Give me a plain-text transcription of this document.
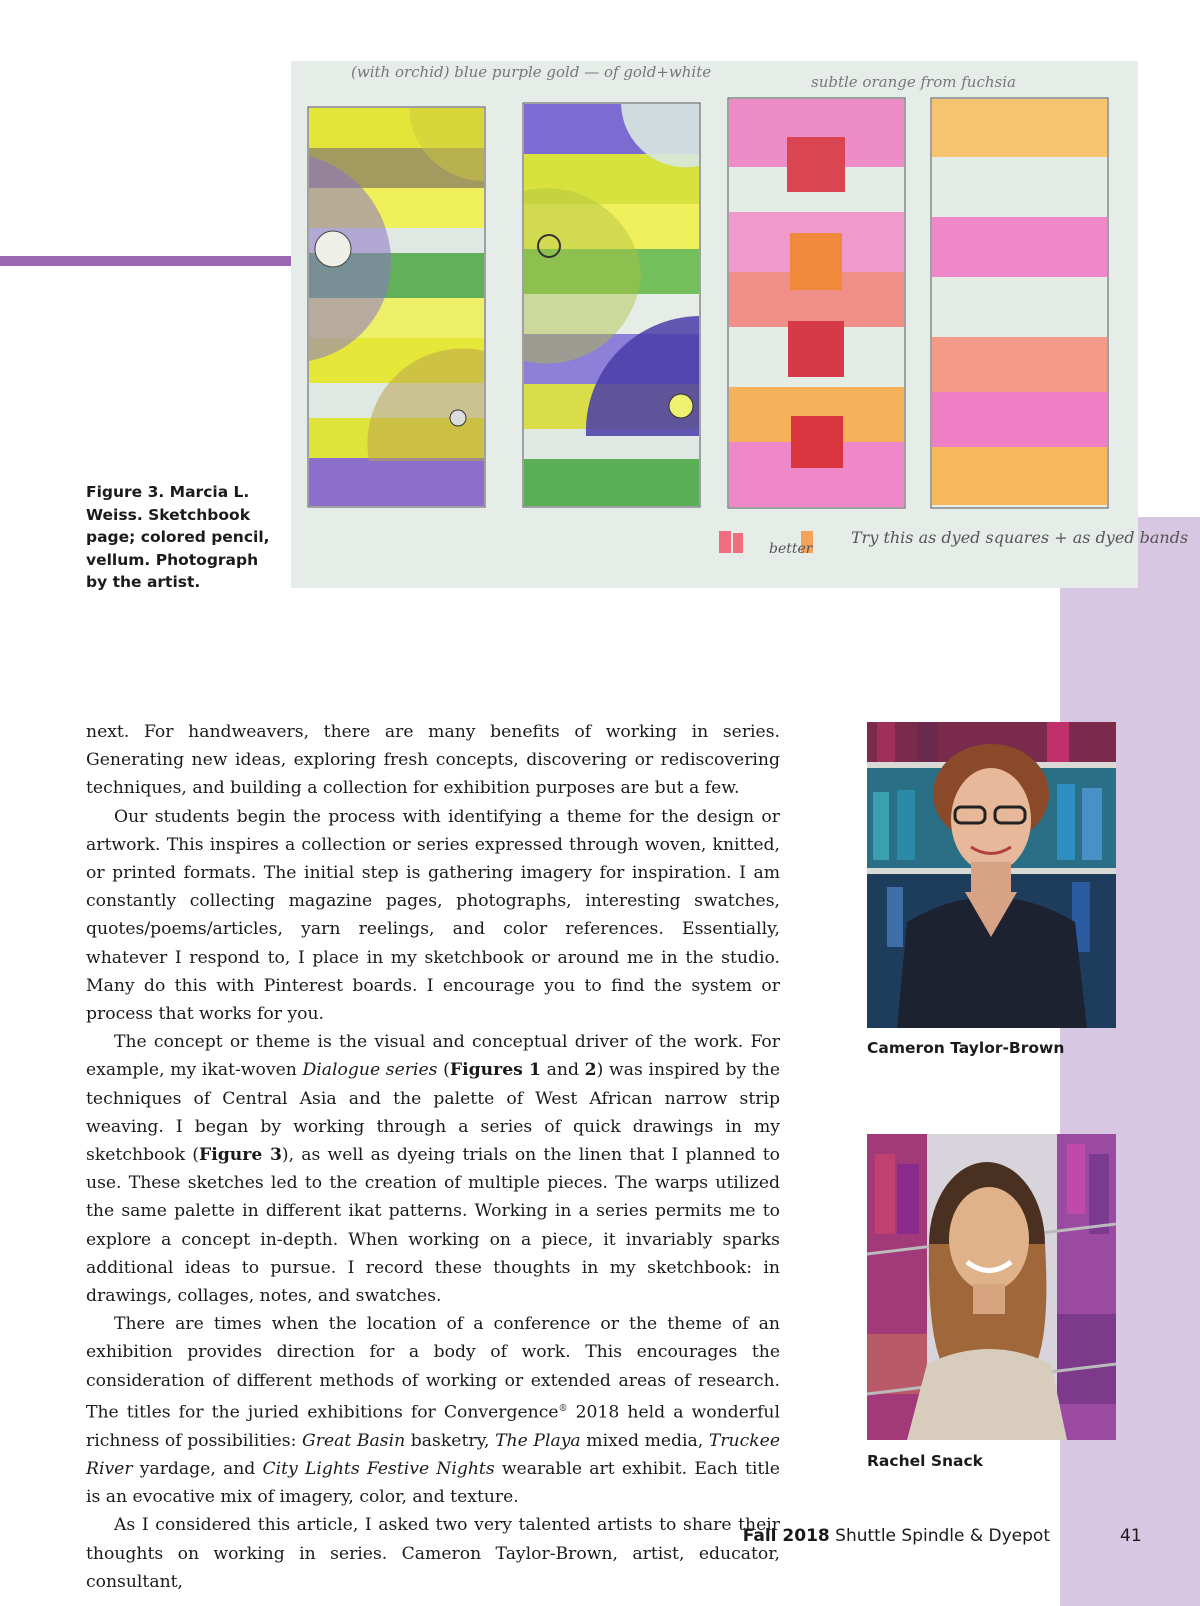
(with orchid) blue purple gold — of gold+white
subtle orange from fuchsia
Try this as dyed squares + as dyed bands
better
Figure 3. Marcia L. Weiss. Sketchbook page; colored pencil, vellum. Photograph by the artist.

next. For handweavers, there are many benefits of working in series. Generating new ideas, exploring fresh concepts, discovering or rediscovering techniques, and building a collection for exhibition purposes are but a few.

Our students begin the process with identifying a theme for the design or artwork. This inspires a collection or series expressed through woven, knitted, or printed formats. The initial step is gathering imagery for inspiration. I am constantly collecting magazine pages, photographs, interesting swatches, quotes/poems/articles, yarn reelings, and color references. Essentially, whatever I respond to, I place in my sketchbook or around me in the studio. Many do this with Pinterest boards. I encourage you to find the system or process that works for you.

The concept or theme is the visual and conceptual driver of the work. For example, my ikat-woven Dialogue series (Figures 1 and 2) was inspired by the techniques of Central Asia and the palette of West African narrow strip weaving. I began by working through a series of quick drawings in my sketchbook (Figure 3), as well as dyeing trials on the linen that I planned to use. These sketches led to the creation of multiple pieces. The warps utilized the same palette in different ikat patterns. Working in a series permits me to explore a concept in-depth. When working on a piece, it invariably sparks additional ideas to pursue. I record these thoughts in my sketchbook: in drawings, collages, notes, and swatches.

There are times when the location of a conference or the theme of an exhibition provides direction for a body of work. This encourages the consideration of different methods of working or extended areas of research. The titles for the juried exhibitions for Convergence® 2018 held a wonderful richness of possibilities: Great Basin basketry, The Playa mixed media, Truckee River yardage, and City Lights Festive Nights wearable art exhibit. Each title is an evocative mix of imagery, color, and texture.

As I considered this article, I asked two very talented artists to share their thoughts on working in series. Cameron Taylor-Brown, artist, educator, consultant,

Cameron Taylor-Brown
Rachel Snack
Fall 2018 Shuttle Spindle & Dyepot	41
